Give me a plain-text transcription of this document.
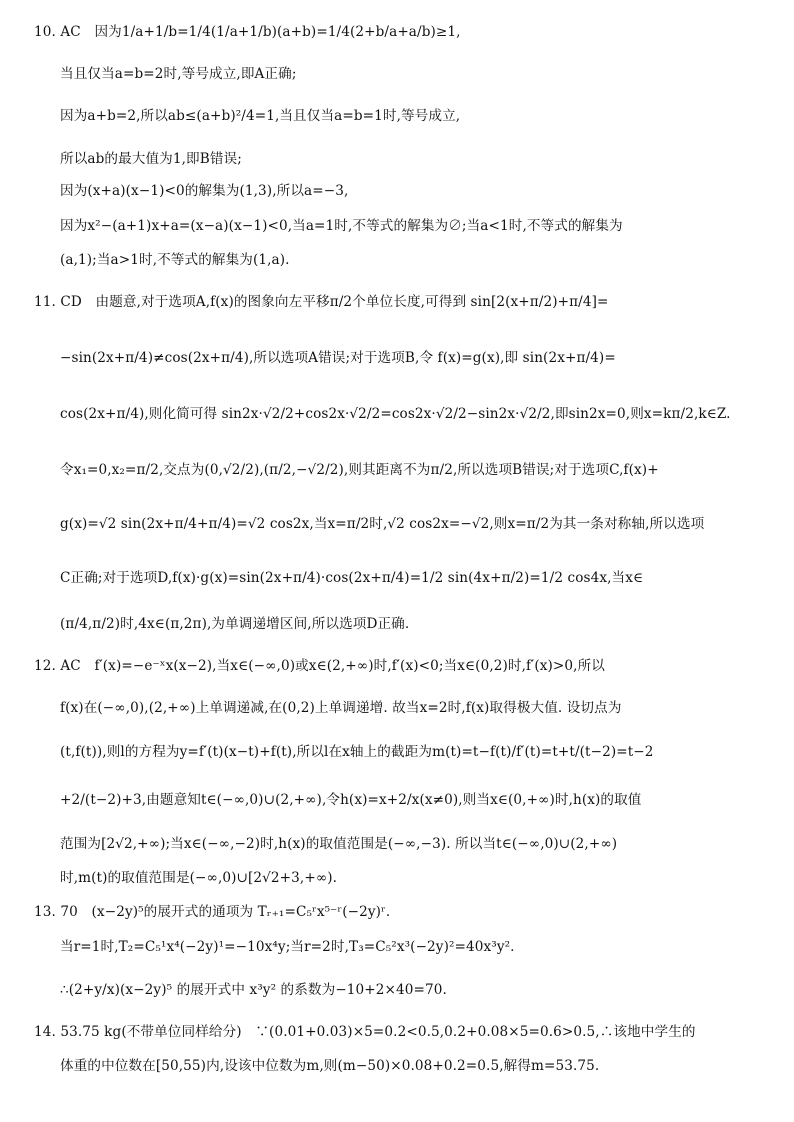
10. AC　因为1/a+1/b=1/4(1/a+1/b)(a+b)=1/4(2+b/a+a/b)≥1,
当且仅当a=b=2时,等号成立,即A正确;
因为a+b=2,所以ab≤(a+b)²/4=1,当且仅当a=b=1时,等号成立,
所以ab的最大值为1,即B错误;
因为(x+a)(x−1)<0的解集为(1,3),所以a=−3,
因为x²−(a+1)x+a=(x−a)(x−1)<0,当a=1时,不等式的解集为∅;当a<1时,不等式的解集为
(a,1);当a>1时,不等式的解集为(1,a).
11. CD　由题意,对于选项A,f(x)的图象向左平移π/2个单位长度,可得到 sin[2(x+π/2)+π/4]=
−sin(2x+π/4)≠cos(2x+π/4),所以选项A错误;对于选项B,令 f(x)=g(x),即 sin(2x+π/4)=
cos(2x+π/4),则化简可得 sin2x·√2/2+cos2x·√2/2=cos2x·√2/2−sin2x·√2/2,即sin2x=0,则x=kπ/2,k∈Z.
令x₁=0,x₂=π/2,交点为(0,√2/2),(π/2,−√2/2),则其距离不为π/2,所以选项B错误;对于选项C,f(x)+
g(x)=√2 sin(2x+π/4+π/4)=√2 cos2x,当x=π/2时,√2 cos2x=−√2,则x=π/2为其一条对称轴,所以选项
C正确;对于选项D,f(x)·g(x)=sin(2x+π/4)·cos(2x+π/4)=1/2 sin(4x+π/2)=1/2 cos4x,当x∈
(π/4,π/2)时,4x∈(π,2π),为单调递增区间,所以选项D正确.
12. AC　f′(x)=−e⁻ˣx(x−2),当x∈(−∞,0)或x∈(2,+∞)时,f′(x)<0;当x∈(0,2)时,f′(x)>0,所以
f(x)在(−∞,0),(2,+∞)上单调递减,在(0,2)上单调递增. 故当x=2时,f(x)取得极大值. 设切点为
(t,f(t)),则l的方程为y=f′(t)(x−t)+f(t),所以l在x轴上的截距为m(t)=t−f(t)/f′(t)=t+t/(t−2)=t−2
+2/(t−2)+3,由题意知t∈(−∞,0)∪(2,+∞),令h(x)=x+2/x(x≠0),则当x∈(0,+∞)时,h(x)的取值
范围为[2√2,+∞);当x∈(−∞,−2)时,h(x)的取值范围是(−∞,−3). 所以当t∈(−∞,0)∪(2,+∞)
时,m(t)的取值范围是(−∞,0)∪[2√2+3,+∞).
13. 70　(x−2y)⁵的展开式的通项为 Tᵣ₊₁=C₅ʳx⁵⁻ʳ(−2y)ʳ.
当r=1时,T₂=C₅¹x⁴(−2y)¹=−10x⁴y;当r=2时,T₃=C₅²x³(−2y)²=40x³y².
∴(2+y/x)(x−2y)⁵ 的展开式中 x³y² 的系数为−10+2×40=70.
14. 53.75 kg(不带单位同样给分)　∵(0.01+0.03)×5=0.2<0.5,0.2+0.08×5=0.6>0.5,∴该地中学生的
体重的中位数在[50,55)内,设该中位数为m,则(m−50)×0.08+0.2=0.5,解得m=53.75.
